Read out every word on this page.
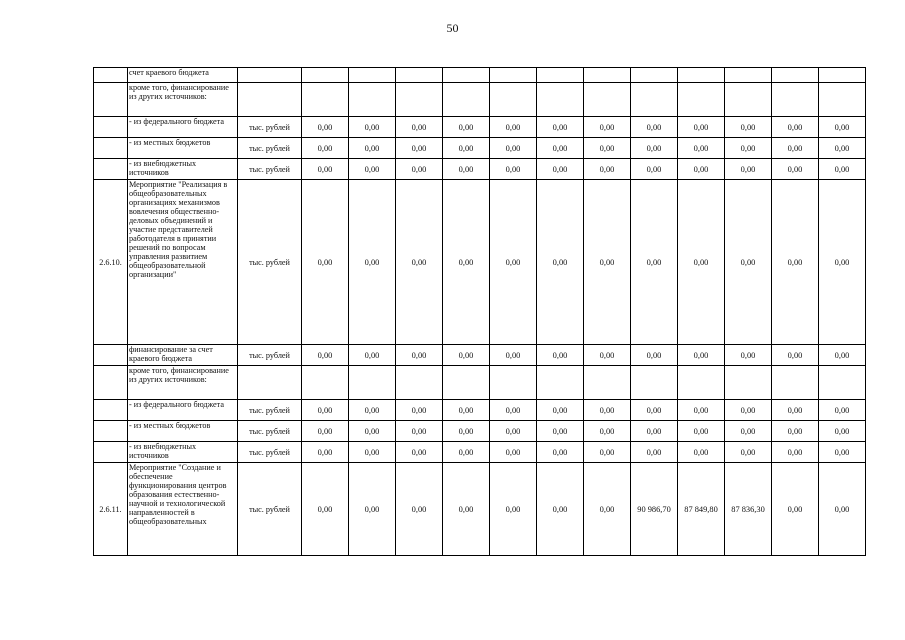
50
	счет краевого бюджета													
	кроме того, финансирование из других источников:													
	- из федерального бюджета	тыс. рублей	0,00	0,00	0,00	0,00	0,00	0,00	0,00	0,00	0,00	0,00	0,00	0,00
	- из местных бюджетов	тыс. рублей	0,00	0,00	0,00	0,00	0,00	0,00	0,00	0,00	0,00	0,00	0,00	0,00
	- из внебюджетных источников	тыс. рублей	0,00	0,00	0,00	0,00	0,00	0,00	0,00	0,00	0,00	0,00	0,00	0,00
2.6.10.	Мероприятие "Реализация в общеобразовательных организациях механизмов вовлечения общественно-деловых объединений и участие представителей работодателя в принятии решений по вопросам управления развитием общеобразовательной организации"	тыс. рублей	0,00	0,00	0,00	0,00	0,00	0,00	0,00	0,00	0,00	0,00	0,00	0,00
	финансирование за счет краевого бюджета	тыс. рублей	0,00	0,00	0,00	0,00	0,00	0,00	0,00	0,00	0,00	0,00	0,00	0,00
	кроме того, финансирование из других источников:													
	- из федерального бюджета	тыс. рублей	0,00	0,00	0,00	0,00	0,00	0,00	0,00	0,00	0,00	0,00	0,00	0,00
	- из местных бюджетов	тыс. рублей	0,00	0,00	0,00	0,00	0,00	0,00	0,00	0,00	0,00	0,00	0,00	0,00
	- из внебюджетных источников	тыс. рублей	0,00	0,00	0,00	0,00	0,00	0,00	0,00	0,00	0,00	0,00	0,00	0,00
2.6.11.	Мероприятие "Создание и обеспечение функционирования центров образования естественно-научной и технологической направленностей в общеобразовательных	тыс. рублей	0,00	0,00	0,00	0,00	0,00	0,00	0,00	90 986,70	87 849,80	87 836,30	0,00	0,00
